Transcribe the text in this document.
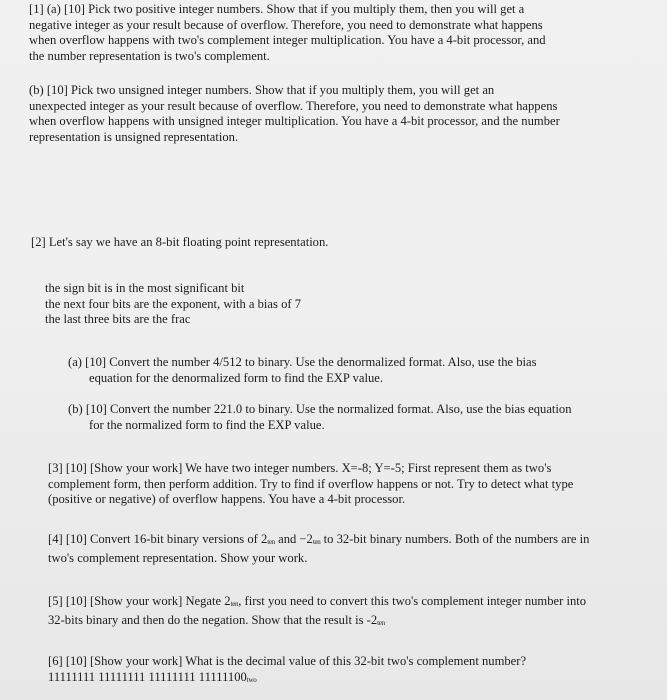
[1] (a) [10] Pick two positive integer numbers. Show that if you multiply them, then you will get a
negative integer as your result because of overflow. Therefore, you need to demonstrate what happens
when overflow happens with two's complement integer multiplication. You have a 4-bit processor, and
the number representation is two's complement.
(b) [10] Pick two unsigned integer numbers. Show that if you multiply them, you will get an
unexpected integer as your result because of overflow. Therefore, you need to demonstrate what happens
when overflow happens with unsigned integer multiplication. You have a 4-bit processor, and the number
representation is unsigned representation.
[2] Let's say we have an 8-bit floating point representation.
the sign bit is in the most significant bit
the next four bits are the exponent, with a bias of 7
the last three bits are the frac
(a) [10] Convert the number 4/512 to binary. Use the denormalized format. Also, use the bias
equation for the denormalized form to find the EXP value.
(b) [10] Convert the number 221.0 to binary. Use the normalized format. Also, use the bias equation
for the normalized form to find the EXP value.
[3] [10] [Show your work] We have two integer numbers. X=-8; Y=-5; First represent them as two's
complement form, then perform addition. Try to find if overflow happens or not. Try to detect what type
(positive or negative) of overflow happens. You have a 4-bit processor.
[4] [10] Convert 16-bit binary versions of 2ten and −2ten to 32-bit binary numbers. Both of the numbers are in
two's complement representation. Show your work.
[5] [10] [Show your work] Negate 2ten, first you need to convert this two's complement integer number into
32-bits binary and then do the negation. Show that the result is -2ten
[6] [10] [Show your work] What is the decimal value of this 32-bit two's complement number?
11111111 11111111 11111111 11111100two
